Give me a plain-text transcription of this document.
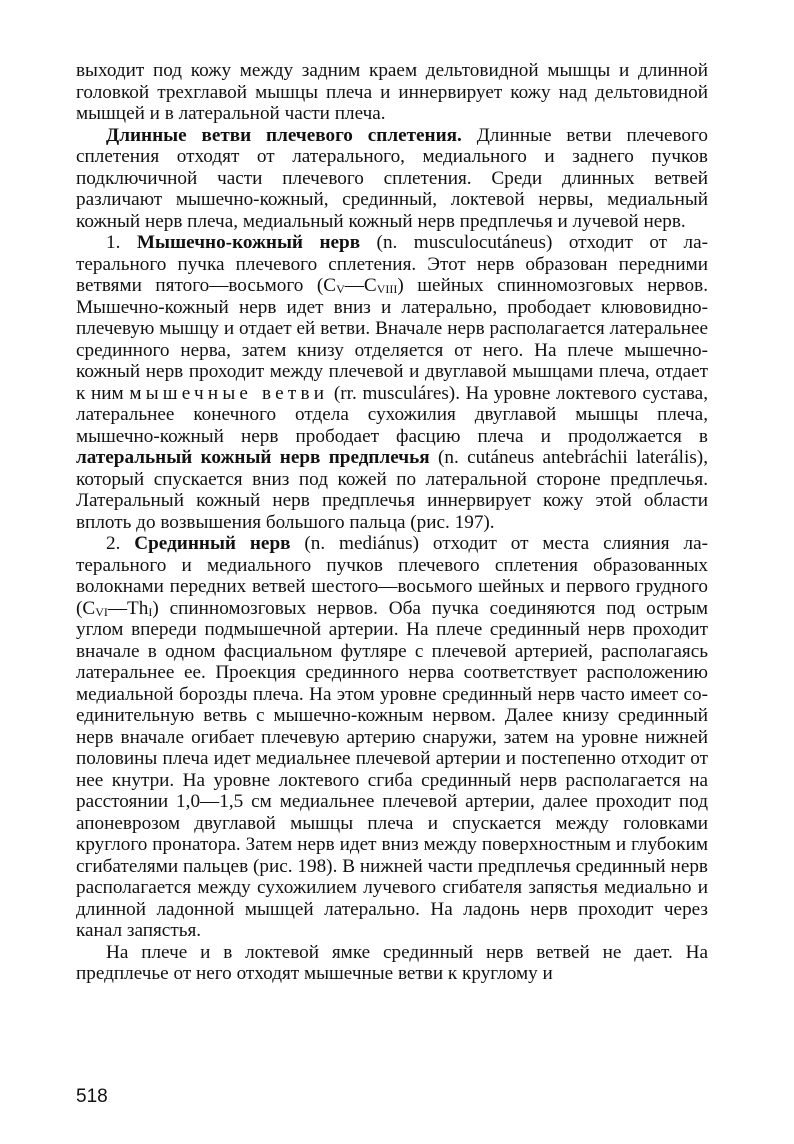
выходит под кожу между задним краем дельтовидной мышцы и длинной головкой трехглавой мышцы плеча и иннервирует кожу над дельтовидной мышцей и в латеральной части плеча.

Длинные ветви плечевого сплетения. Длинные ветви плечевого сплетения отходят от латерального, медиального и заднего пучков подключичной части плечевого сплетения. Среди длинных ветвей различают мышечно-кожный, срединный, локтевой нервы, медиальный кожный нерв плеча, медиальный кожный нерв предплечья и лучевой нерв.

1. Мышечно-кожный нерв (n. musculocutáneus) отходит от латерального пучка плечевого сплетения. Этот нерв образован передними ветвями пятого—восьмого $(C_V—C_{VIII})$ шейных спинномозговых нервов. Мышечно-кожный нерв идет вниз и латерально, прободает клювовидно-плечевую мышцу и отдает ей ветви. Вначале нерв располагается латеральнее срединного нерва, затем книзу отделяется от него. На плече мышечно-кожный нерв проходит между плечевой и двуглавой мышцами плеча, отдает к ним мышечные ветви (rr. musculáres). На уровне локтевого сустава, латеральнее конечного отдела сухожилия двуглавой мышцы плеча, мышечно-кожный нерв прободает фасцию плеча и продолжается в латеральный кожный нерв предплечья (n. cutáneus antebráchii laterális), который спускается вниз под кожей по латеральной стороне предплечья. Латеральный кожный нерв предплечья иннервирует кожу этой области вплоть до возвышения большого пальца (рис. 197).

2. Срединный нерв (n. mediánus) отходит от места слияния латерального и медиального пучков плечевого сплетения образованных волокнами передних ветвей шестого—восьмого шейных и первого грудного $(C_{VI}—Th_I)$ спинномозговых нервов. Оба пучка соединяются под острым углом впереди подмышечной артерии. На плече срединный нерв проходит вначале в одном фасциальном футляре с плечевой артерией, располагаясь латеральнее ее. Проекция срединного нерва соответствует расположению медиальной борозды плеча. На этом уровне срединный нерв часто имеет соединительную ветвь с мышечно-кожным нервом. Далее книзу срединный нерв вначале огибает плечевую артерию снаружи, затем на уровне нижней половины плеча идет медиальнее плечевой артерии и постепенно отходит от нее кнутри. На уровне локтевого сгиба срединный нерв располагается на расстоянии 1,0—1,5 см медиальнее плечевой артерии, далее проходит под апоневрозом двуглавой мышцы плеча и спускается между головками круглого пронатора. Затем нерв идет вниз между поверхностным и глубоким сгибателями пальцев (рис. 198). В нижней части предплечья срединный нерв располагается между сухожилием лучевого сгибателя запястья медиально и длинной ладонной мышцей латерально. На ладонь нерв проходит через канал запястья.

На плече и в локтевой ямке срединный нерв ветвей не дает. На предплечье от него отходят мышечные ветви к круглому и

518
